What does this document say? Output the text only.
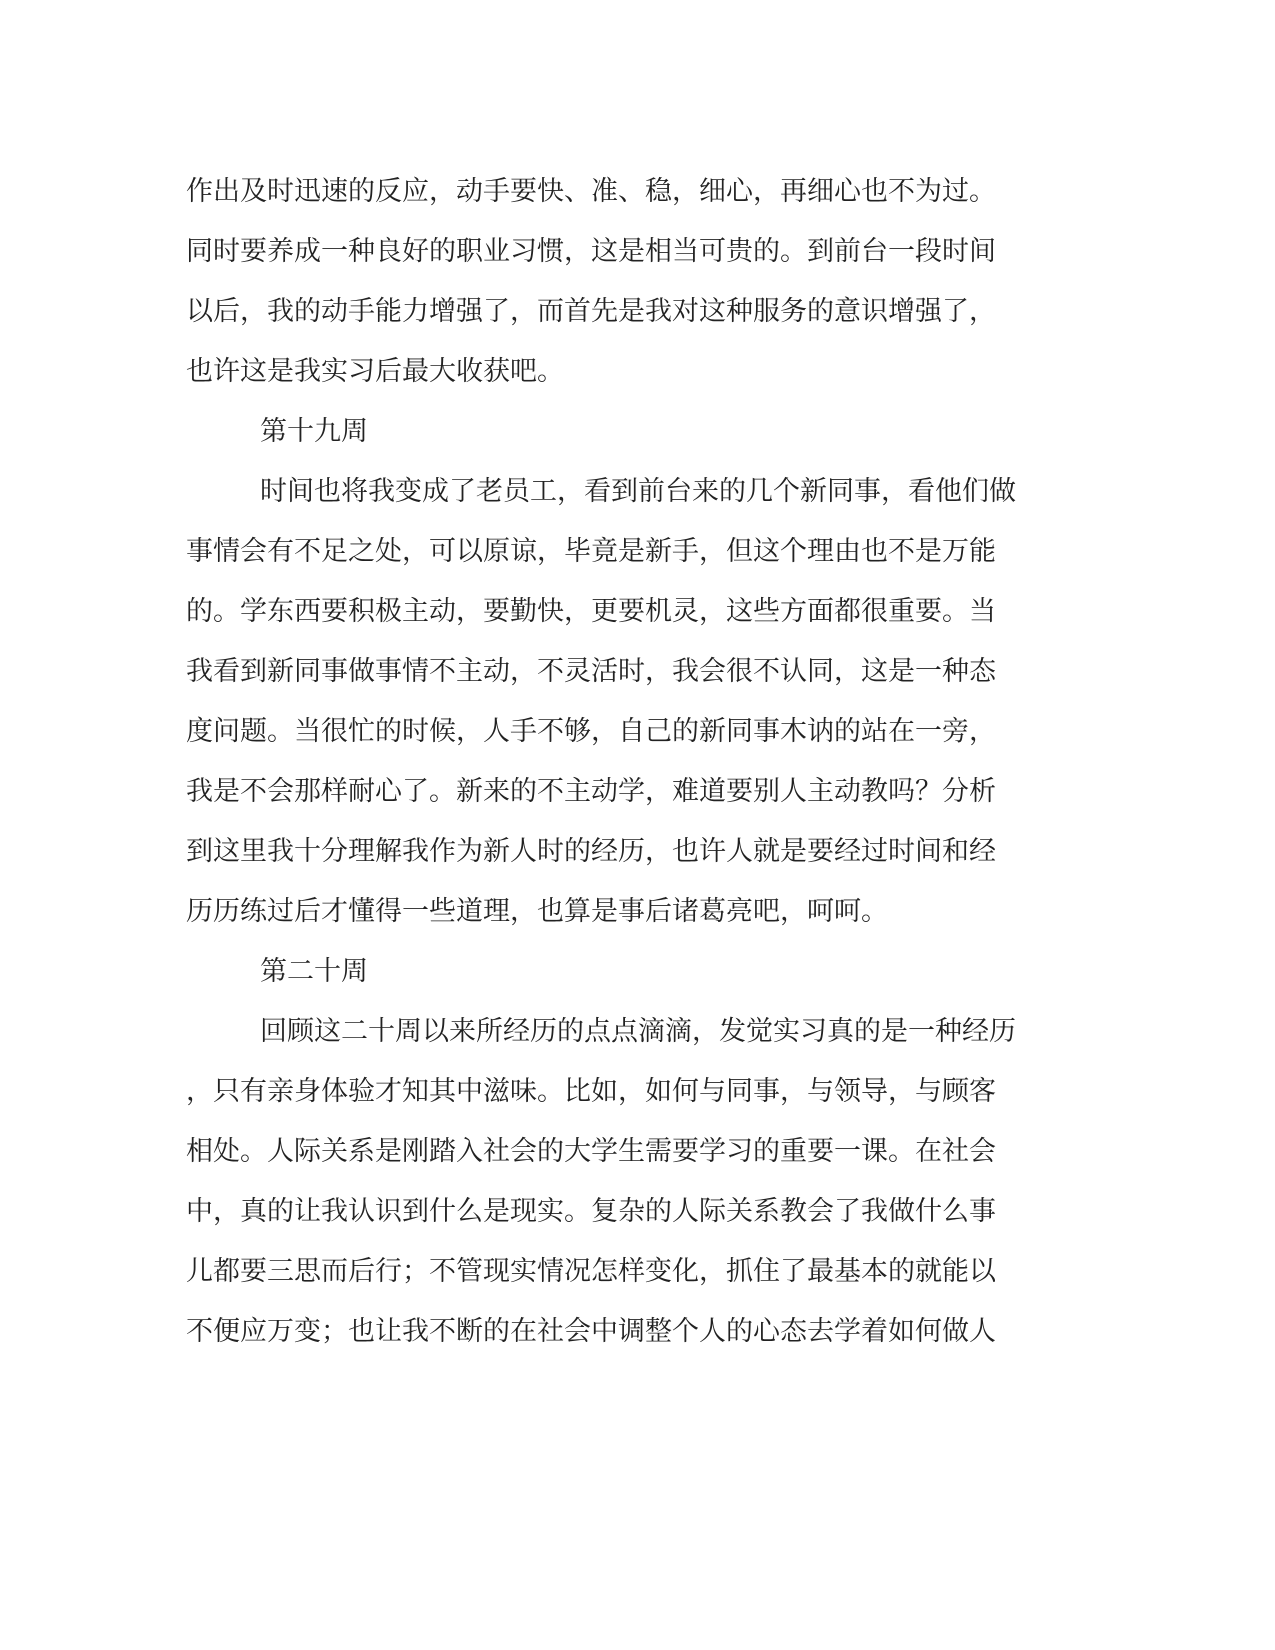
作出及时迅速的反应，动手要快、准、稳，细心，再细心也不为过。
同时要养成一种良好的职业习惯，这是相当可贵的。到前台一段时间
以后，我的动手能力增强了，而首先是我对这种服务的意识增强了，
也许这是我实习后最大收获吧。
第十九周
时间也将我变成了老员工，看到前台来的几个新同事，看他们做
事情会有不足之处，可以原谅，毕竟是新手，但这个理由也不是万能
的。学东西要积极主动，要勤快，更要机灵，这些方面都很重要。当
我看到新同事做事情不主动，不灵活时，我会很不认同，这是一种态
度问题。当很忙的时候，人手不够，自己的新同事木讷的站在一旁，
我是不会那样耐心了。新来的不主动学，难道要别人主动教吗？分析
到这里我十分理解我作为新人时的经历，也许人就是要经过时间和经
历历练过后才懂得一些道理，也算是事后诸葛亮吧，呵呵。
第二十周
回顾这二十周以来所经历的点点滴滴，发觉实习真的是一种经历
，只有亲身体验才知其中滋味。比如，如何与同事，与领导，与顾客
相处。人际关系是刚踏入社会的大学生需要学习的重要一课。在社会
中，真的让我认识到什么是现实。复杂的人际关系教会了我做什么事
儿都要三思而后行；不管现实情况怎样变化，抓住了最基本的就能以
不便应万变；也让我不断的在社会中调整个人的心态去学着如何做人
